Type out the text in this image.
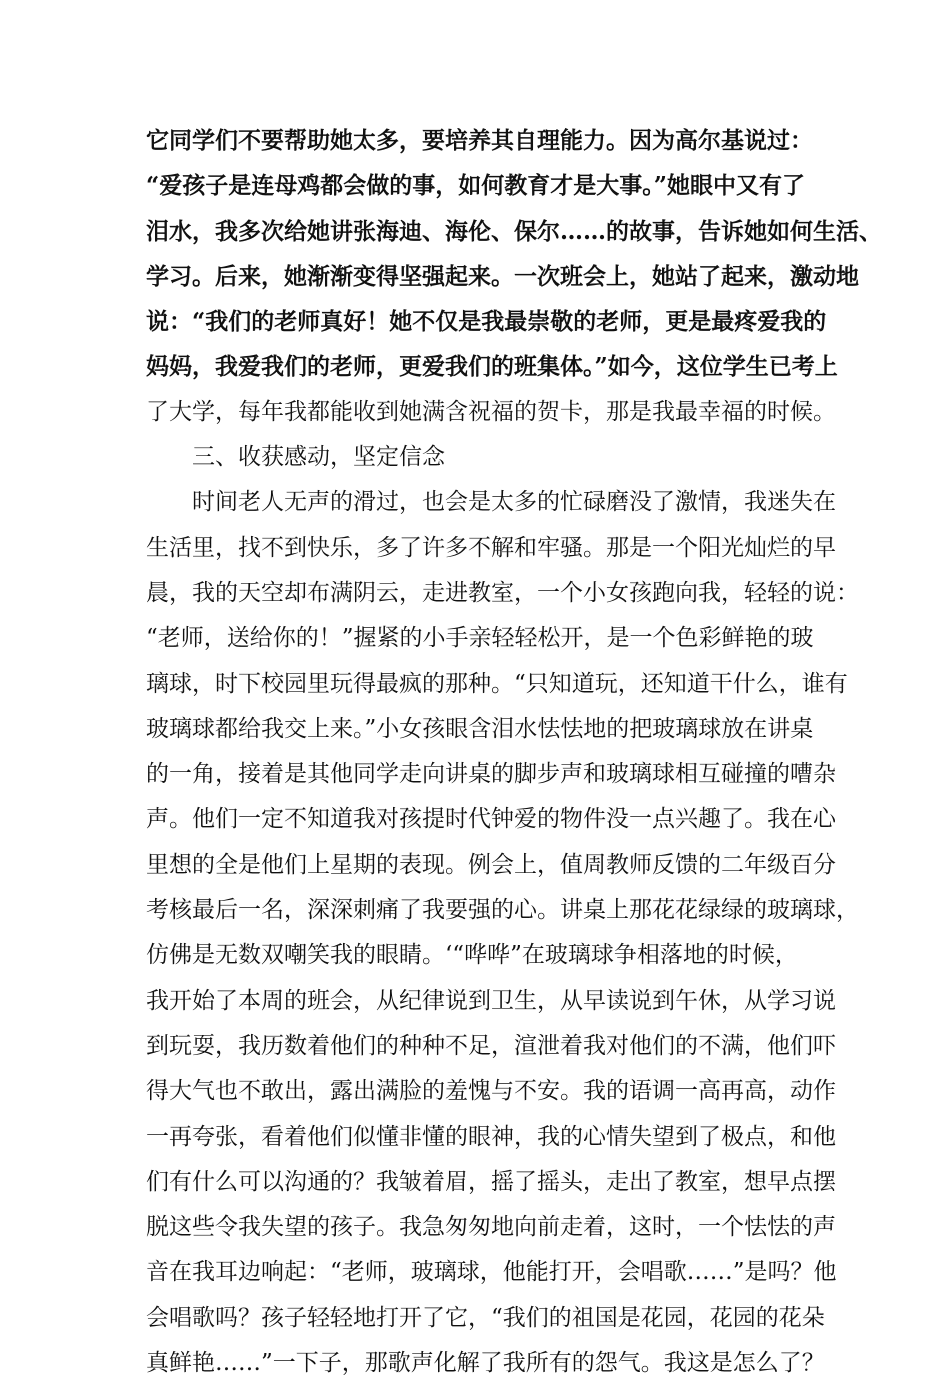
它同学们不要帮助她太多，要培养其自理能力。因为高尔基说过：
“爱孩子是连母鸡都会做的事，如何教育才是大事。”她眼中又有了
泪水，我多次给她讲张海迪、海伦、保尔……的故事，告诉她如何生活、
学习。后来，她渐渐变得坚强起来。一次班会上，她站了起来，激动地
说：“我们的老师真好！她不仅是我最崇敬的老师，更是最疼爱我的
妈妈，我爱我们的老师，更爱我们的班集体。”如今，这位学生已考上
了大学，每年我都能收到她满含祝福的贺卡，那是我最幸福的时候。
三、收获感动，坚定信念
　　时间老人无声的滑过，也会是太多的忙碌磨没了激情，我迷失在
生活里，找不到快乐，多了许多不解和牢骚。那是一个阳光灿烂的早
晨，我的天空却布满阴云，走进教室，一个小女孩跑向我，轻轻的说：
“老师，送给你的！”握紧的小手亲轻轻松开，是一个色彩鲜艳的玻
璃球，时下校园里玩得最疯的那种。“只知道玩，还知道干什么，谁有
玻璃球都给我交上来。”小女孩眼含泪水怯怯地的把玻璃球放在讲桌
的一角，接着是其他同学走向讲桌的脚步声和玻璃球相互碰撞的嘈杂
声。他们一定不知道我对孩提时代钟爱的物件没一点兴趣了。我在心
里想的全是他们上星期的表现。例会上，值周教师反馈的二年级百分
考核最后一名，深深刺痛了我要强的心。讲桌上那花花绿绿的玻璃球，
仿佛是无数双嘲笑我的眼睛。‘“哗哗”在玻璃球争相落地的时候，
我开始了本周的班会，从纪律说到卫生，从早读说到午休，从学习说
到玩耍，我历数着他们的种种不足，渲泄着我对他们的不满，他们吓
得大气也不敢出，露出满脸的羞愧与不安。我的语调一高再高，动作
一再夸张，看着他们似懂非懂的眼神，我的心情失望到了极点，和他
们有什么可以沟通的？我皱着眉，摇了摇头，走出了教室，想早点摆
脱这些令我失望的孩子。我急匆匆地向前走着，这时，一个怯怯的声
音在我耳边响起：“老师，玻璃球，他能打开，会唱歌……”是吗？他
会唱歌吗？孩子轻轻地打开了它，“我们的祖国是花园，花园的花朵
真鲜艳……”一下子，那歌声化解了我所有的怨气。我这是怎么了？
